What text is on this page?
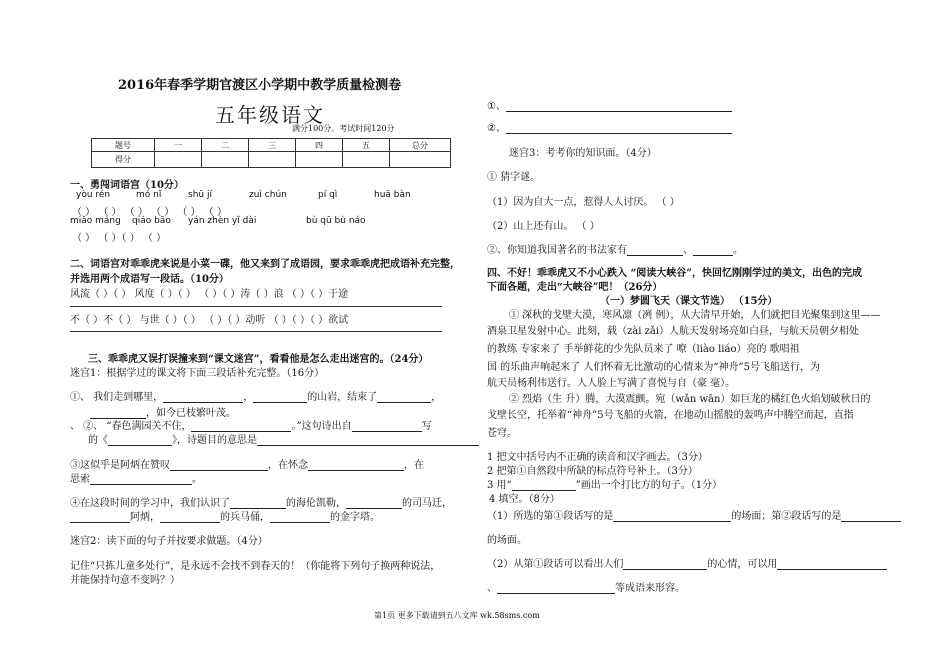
2016年春季学期官渡区小学期中教学质量检测卷
五年级语文
满分100分。考试时间120分
题号	一	二	三	四	五	总分
得分						
一、勇闯词语宫（10分）
yòu rén	mó nǐ	shū jí	zuì chún	pí qì	huā bàn
（ ） （ ） （ ） （ ） （ ） （ ）
miǎo máng qiáo bāo yán zhèn yǐ dài	bù qū bù náo
（ ） （ ）（ ） （ ）
二、词语宫对乖乖虎来说是小菜一碟，他又来到了成语园，要求乖乖虎把成语补充完整，
并选用两个成语写一段话。（10分）
风流（ ）（ ） 风度（ ）（ ） （ ）（ ）涛（ ）浪 （ ）（ ）于途
不（ ）不（ ） 与世（ ）（ ） （ ）（ ）动听 （ ）（ ）（ ）欲试
三、乖乖虎又误打误撞来到“课文迷宫”，看看他是怎么走出迷宫的。（24分）
迷宫1：根据学过的课文将下面三段话补充完整。（16分）
①、 我们走到哪里，	，	的山岩，结束了	，
，如今已枝繁叶茂。
、 ②、 “春色满园关不住，	。”这句诗出自	写
的《	》，诗题目的意思是
③这似乎是阿炳在赞叹	，在怀念	，在
思索	。
④在这段时间的学习中，我们认识了	的海伦凯勒，	的司马迁，
阿炳，	的兵马俑，	的金字塔。
迷宫2：读下面的句子并按要求做题。（4分）
记住“只拣儿童多处行”，是永远不会找不到春天的！（你能将下列句子换两种说法，
并能保持句意不变吗？）
①、
②、
迷宫3：考考你的知识面。（4分）
① 猜字谜。
（1）因为自大一点，惹得人人讨厌。 （ ）
（2）山上还有山。 （ ）
②、你知道我国著名的书法家有	、	。
四、不好！乖乖虎又不小心跌入 “阅读大峡谷”，快回忆刚刚学过的美文，出色的完成
下面各题，走出“大峡谷”吧！（26分）
（一）梦圆飞天（课文节选） （15分）
① 深秋的戈壁大漠，寒风凛（冽 例），从大清早开始，人们就把目光聚集到这里——
酒泉卫星发射中心。此刻，载（zài zǎi）人航天发射场亮如白昼，与航天员朝夕相处
的教练 专家来了 手举鲜花的少先队员来了 嘹（liào liáo）亮的 歌唱祖
国 的乐曲声响起来了 人们怀着无比激动的心情来为“神舟”5号飞船送行，为
航天员杨利伟送行。人人脸上写满了喜悦与自（豪 毫）。
② 烈焰（生 升）腾，大漠震颤。宛（wǎn wān）如巨龙的橘红色火焰划破秋日的
戈壁长空，托举着“神舟”5号飞船的火箭，在地动山摇般的轰鸣声中腾空而起，直指
苍穹。
1 把文中括号内不正确的读音和汉字画去。（3分）
2 把第①自然段中所缺的标点符号补上。（3分）
3 用“	”画出一个打比方的句子。（1分）
4 填空。（8分）
（1）所选的第①段话写的是	的场面；第②段话写的是
的场面。
（2）从第①段话可以看出人们	的心情，可以用
、	等成语来形容。
第1页 更多下载请到五八文库 wk.58sms.com
